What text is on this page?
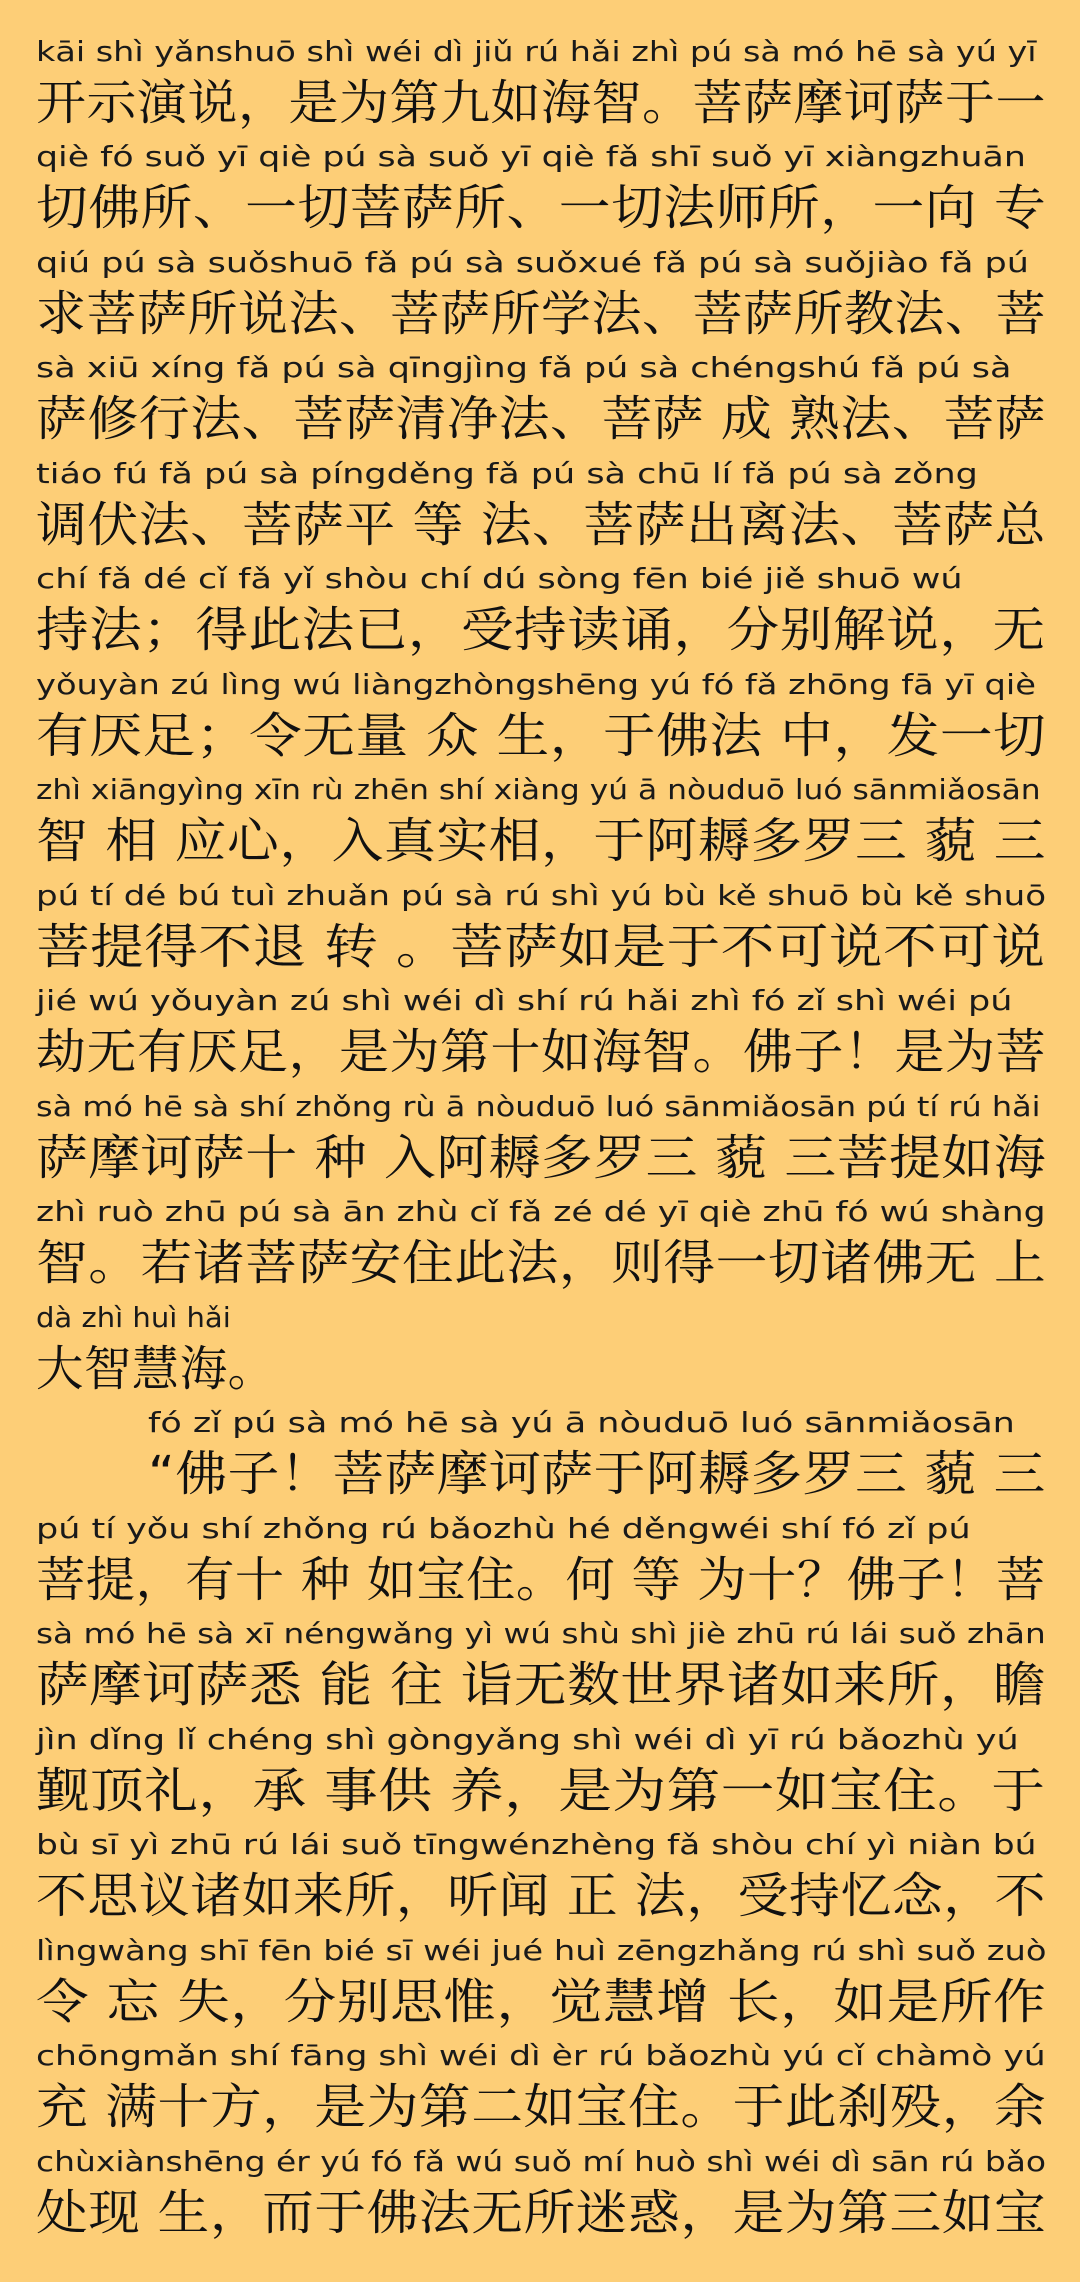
kāi shì yǎnshuō shì wéi dì jiǔ rú hǎi zhì pú sà mó hē sà yú yī
开示演说，是为第九如海智。菩萨摩诃萨于一
qiè fó suǒ yī qiè pú sà suǒ yī qiè fǎ shī suǒ yī xiàngzhuān
切佛所、一切菩萨所、一切法师所，一向 专
qiú pú sà suǒshuō fǎ pú sà suǒxué fǎ pú sà suǒjiào fǎ pú
求菩萨所说法、菩萨所学法、菩萨所教法、菩
sà xiū xíng fǎ pú sà qīngjìng fǎ pú sà chéngshú fǎ pú sà
萨修行法、菩萨清净法、菩萨 成 熟法、菩萨
tiáo fú fǎ pú sà píngděng fǎ pú sà chū lí fǎ pú sà zǒng
调伏法、菩萨平 等 法、菩萨出离法、菩萨总
chí fǎ dé cǐ fǎ yǐ shòu chí dú sòng fēn bié jiě shuō wú
持法；得此法已，受持读诵，分别解说，无
yǒuyàn zú lìng wú liàngzhòngshēng yú fó fǎ zhōng fā yī qiè
有厌足；令无量 众 生，于佛法 中，发一切
zhì xiāngyìng xīn rù zhēn shí xiàng yú ā nòuduō luó sānmiǎosān
智 相 应心，入真实相，于阿耨多罗三 藐 三
pú tí dé bú tuì zhuǎn pú sà rú shì yú bù kě shuō bù kě shuō
菩提得不退 转 。菩萨如是于不可说不可说
jié wú yǒuyàn zú shì wéi dì shí rú hǎi zhì fó zǐ shì wéi pú
劫无有厌足，是为第十如海智。佛子！是为菩
sà mó hē sà shí zhǒng rù ā nòuduō luó sānmiǎosān pú tí rú hǎi
萨摩诃萨十 种 入阿耨多罗三 藐 三菩提如海
zhì ruò zhū pú sà ān zhù cǐ fǎ zé dé yī qiè zhū fó wú shàng
智。若诸菩萨安住此法，则得一切诸佛无 上
dà zhì huì hǎi
大智慧海。
fó zǐ pú sà mó hē sà yú ā nòuduō luó sānmiǎosān
“佛子！菩萨摩诃萨于阿耨多罗三 藐 三
pú tí yǒu shí zhǒng rú bǎozhù hé děngwéi shí fó zǐ pú
菩提，有十 种 如宝住。何 等 为十？佛子！菩
sà mó hē sà xī néngwǎng yì wú shù shì jiè zhū rú lái suǒ zhān
萨摩诃萨悉 能 往 诣无数世界诸如来所，瞻
jìn dǐng lǐ chéng shì gòngyǎng shì wéi dì yī rú bǎozhù yú
觐顶礼，承 事供 养，是为第一如宝住。于
bù sī yì zhū rú lái suǒ tīngwénzhèng fǎ shòu chí yì niàn bú
不思议诸如来所，听闻 正 法，受持忆念，不
lìngwàng shī fēn bié sī wéi jué huì zēngzhǎng rú shì suǒ zuò
令 忘 失，分别思惟，觉慧增 长，如是所作
chōngmǎn shí fāng shì wéi dì èr rú bǎozhù yú cǐ chàmò yú
充 满十方，是为第二如宝住。于此刹殁，余
chùxiànshēng ér yú fó fǎ wú suǒ mí huò shì wéi dì sān rú bǎo
处现 生，而于佛法无所迷惑，是为第三如宝
